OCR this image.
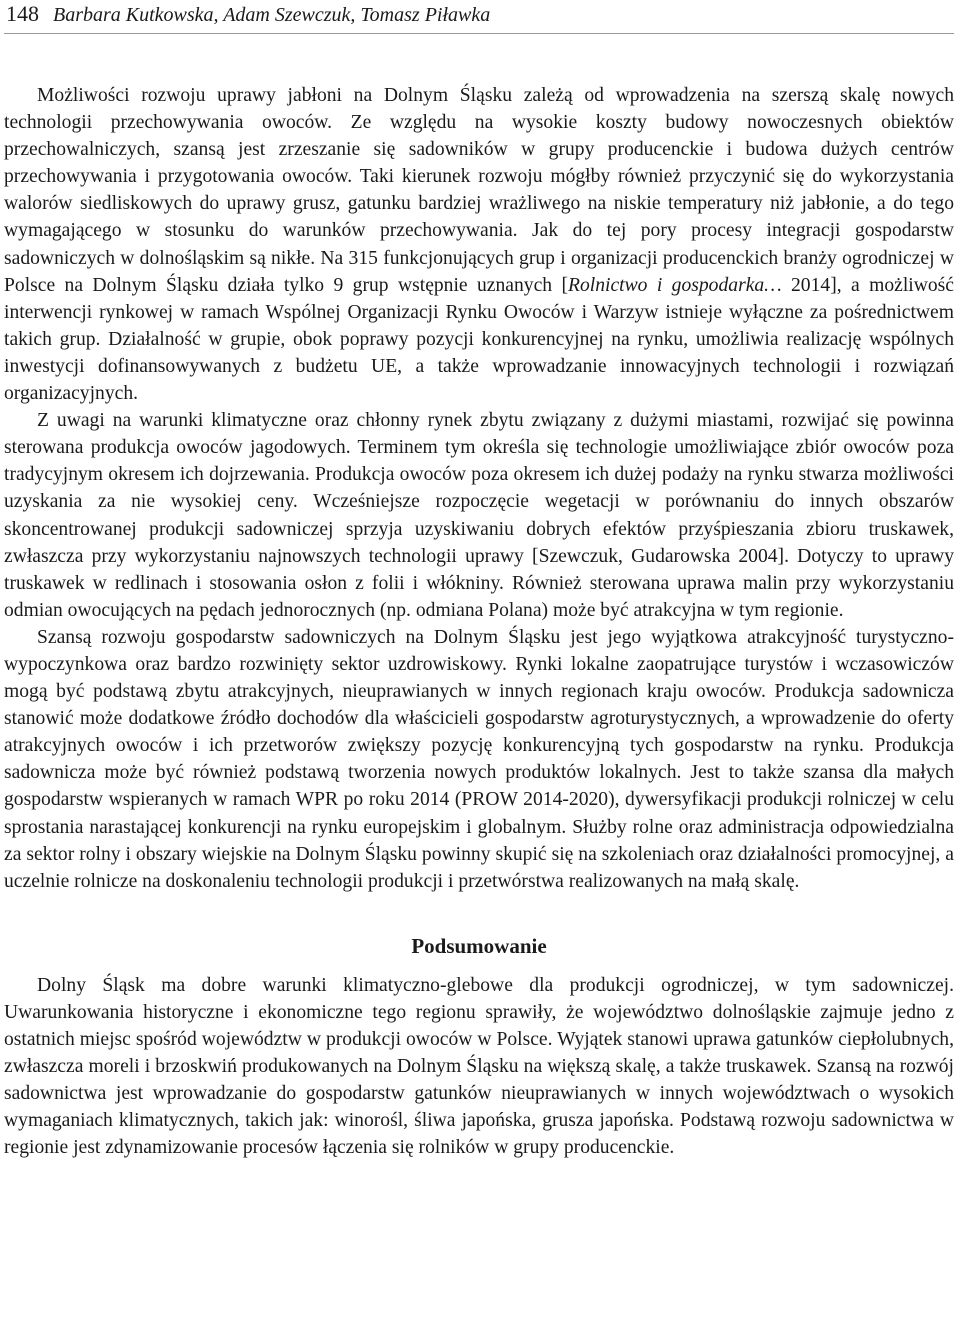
148 Barbara Kutkowska, Adam Szewczuk, Tomasz Piławka

Możliwości rozwoju uprawy jabłoni na Dolnym Śląsku zależą od wprowadzenia na szerszą skalę nowych technologii przechowywania owoców. Ze względu na wysokie koszty budowy nowoczesnych obiektów przechowalniczych, szansą jest zrzeszanie się sadowników w grupy producenckie i budowa dużych centrów przechowywania i przygotowania owoców. Taki kierunek rozwoju mógłby również przyczynić się do wykorzystania walorów siedliskowych do uprawy grusz, gatunku bardziej wrażliwego na niskie temperatury niż jabłonie, a do tego wymagającego w stosunku do warunków przechowywania. Jak do tej pory procesy integracji gospodarstw sadowniczych w dolnośląskim są nikłe. Na 315 funkcjonujących grup i organizacji producenckich branży ogrodniczej w Polsce na Dolnym Śląsku działa tylko 9 grup wstępnie uznanych [Rolnictwo i gospodarka… 2014], a możliwość interwencji rynkowej w ramach Wspólnej Organizacji Rynku Owoców i Warzyw istnieje wyłączne za pośrednictwem takich grup. Działalność w grupie, obok poprawy pozycji konkurencyjnej na rynku, umożliwia realizację wspólnych inwestycji dofinansowywanych z budżetu UE, a także wprowadzanie innowacyjnych technologii i rozwiązań organizacyjnych.

Z uwagi na warunki klimatyczne oraz chłonny rynek zbytu związany z dużymi miastami, rozwijać się powinna sterowana produkcja owoców jagodowych. Terminem tym określa się technologie umożliwiające zbiór owoców poza tradycyjnym okresem ich dojrzewania. Produkcja owoców poza okresem ich dużej podaży na rynku stwarza możliwości uzyskania za nie wysokiej ceny. Wcześniejsze rozpoczęcie wegetacji w porównaniu do innych obszarów skoncentrowanej produkcji sadowniczej sprzyja uzyskiwaniu dobrych efektów przyśpieszania zbioru truskawek, zwłaszcza przy wykorzystaniu najnowszych technologii uprawy [Szewczuk, Gudarowska 2004]. Dotyczy to uprawy truskawek w redlinach i stosowania osłon z folii i włókniny. Również sterowana uprawa malin przy wykorzystaniu odmian owocujących na pędach jednorocznych (np. odmiana Polana) może być atrakcyjna w tym regionie.

Szansą rozwoju gospodarstw sadowniczych na Dolnym Śląsku jest jego wyjątkowa atrakcyjność turystyczno-wypoczynkowa oraz bardzo rozwinięty sektor uzdrowiskowy. Rynki lokalne zaopatrujące turystów i wczasowiczów mogą być podstawą zbytu atrakcyjnych, nieuprawianych w innych regionach kraju owoców. Produkcja sadownicza stanowić może dodatkowe źródło dochodów dla właścicieli gospodarstw agroturystycznych, a wprowadzenie do oferty atrakcyjnych owoców i ich przetworów zwiększy pozycję konkurencyjną tych gospodarstw na rynku. Produkcja sadownicza może być również podstawą tworzenia nowych produktów lokalnych. Jest to także szansa dla małych gospodarstw wspieranych w ramach WPR po roku 2014 (PROW 2014-2020), dywersyfikacji produkcji rolniczej w celu sprostania narastającej konkurencji na rynku europejskim i globalnym. Służby rolne oraz administracja odpowiedzialna za sektor rolny i obszary wiejskie na Dolnym Śląsku powinny skupić się na szkoleniach oraz działalności promocyjnej, a uczelnie rolnicze na doskonaleniu technologii produkcji i przetwórstwa realizowanych na małą skalę.

Podsumowanie

Dolny Śląsk ma dobre warunki klimatyczno-glebowe dla produkcji ogrodniczej, w tym sadowniczej. Uwarunkowania historyczne i ekonomiczne tego regionu sprawiły, że województwo dolnośląskie zajmuje jedno z ostatnich miejsc spośród województw w produkcji owoców w Polsce. Wyjątek stanowi uprawa gatunków ciepłolubnych, zwłaszcza moreli i brzoskwiń produkowanych na Dolnym Śląsku na większą skalę, a także truskawek. Szansą na rozwój sadownictwa jest wprowadzanie do gospodarstw gatunków nieuprawianych w innych województwach o wysokich wymaganiach klimatycznych, takich jak: winorośl, śliwa japońska, grusza japońska. Podstawą rozwoju sadownictwa w regionie jest zdynamizowanie procesów łączenia się rolników w grupy producenckie.
